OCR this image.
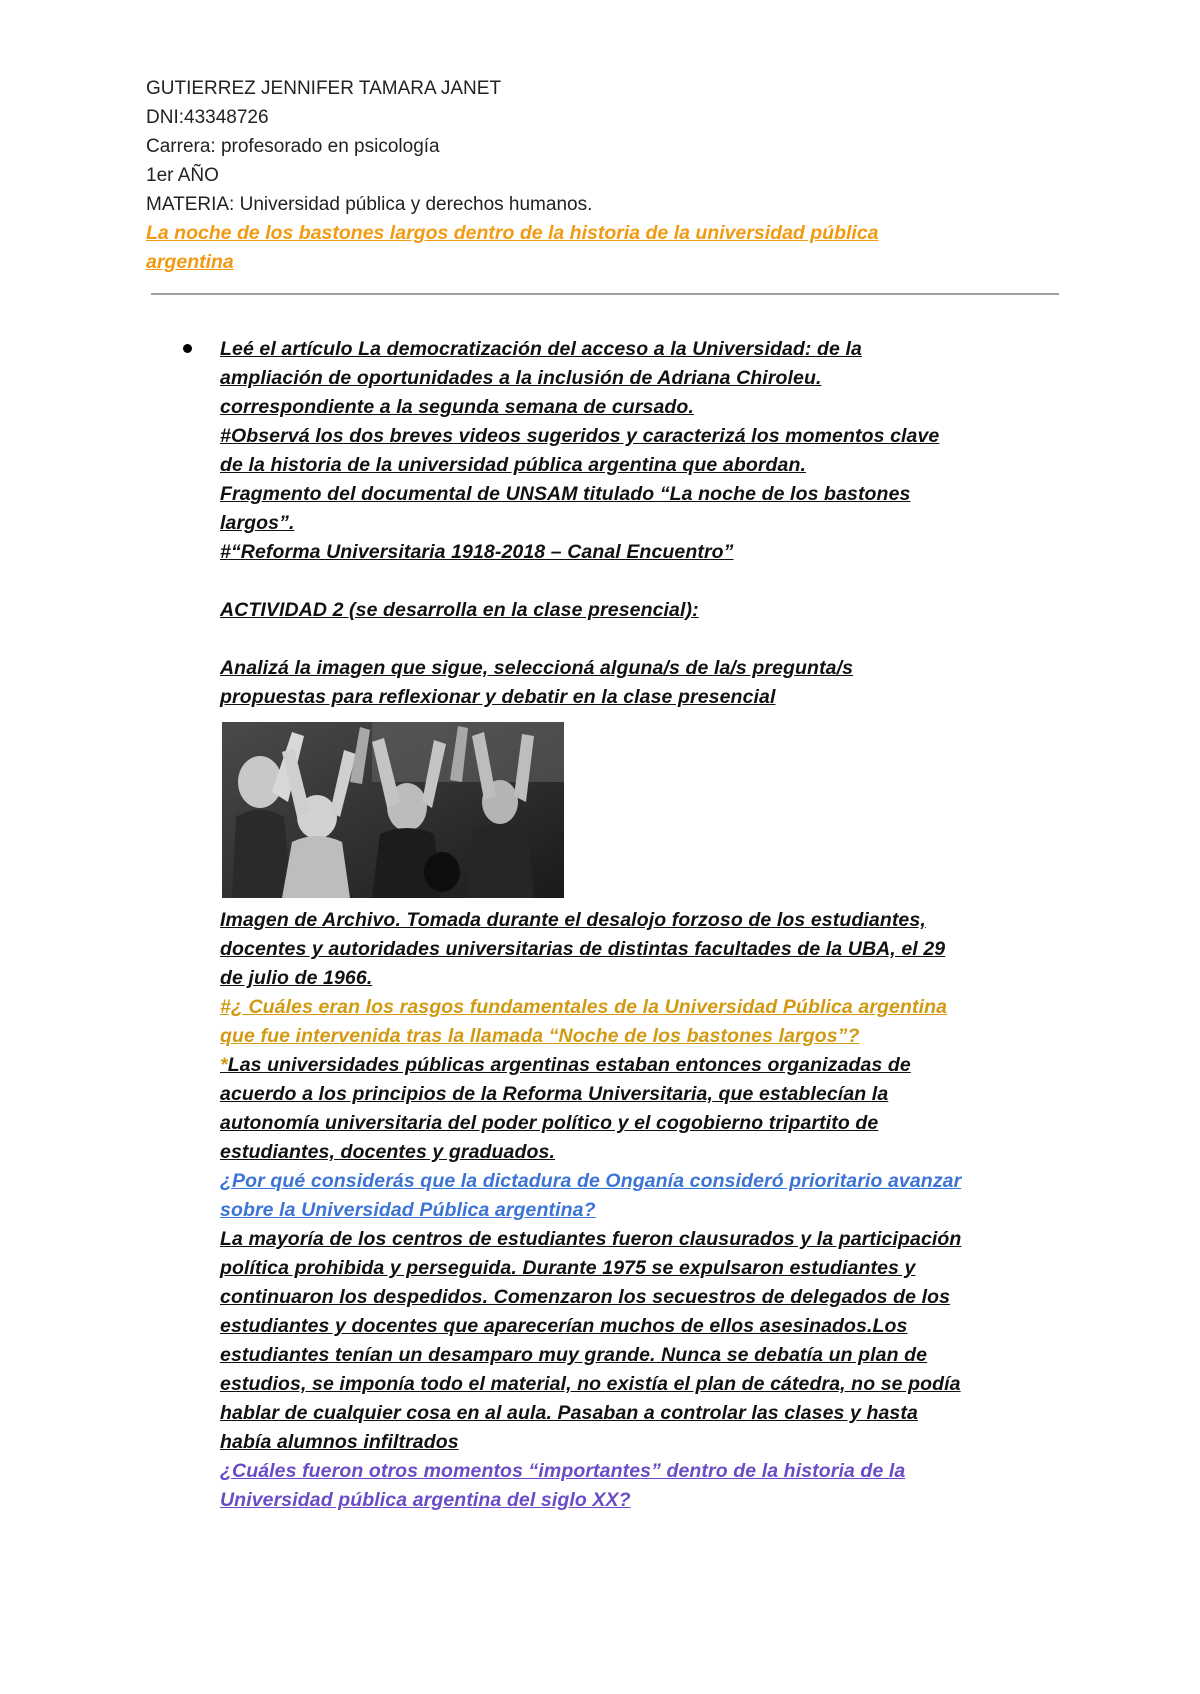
GUTIERREZ JENNIFER TAMARA JANET

DNI:43348726

Carrera: profesorado en psicología

1er AÑO

MATERIA: Universidad pública y derechos humanos.

La noche de los bastones largos dentro de la historia de la universidad pública

argentina

Leé el artículo La democratización del acceso a la Universidad: de la

ampliación de oportunidades a la inclusión de Adriana Chiroleu.

correspondiente a la segunda semana de cursado.

#Observá los dos breves videos sugeridos y caracterizá los momentos clave

de la historia de la universidad pública argentina que abordan.

Fragmento del documental de UNSAM titulado “La noche de los bastones

largos”.

#“Reforma Universitaria 1918-2018 – Canal Encuentro”

ACTIVIDAD 2 (se desarrolla en la clase presencial):

Analizá la imagen que sigue, seleccioná alguna/s de la/s pregunta/s

propuestas para reflexionar y debatir en la clase presencial

Imagen de Archivo. Tomada durante el desalojo forzoso de los estudiantes,

docentes y autoridades universitarias de distintas facultades de la UBA, el 29

de julio de 1966.

#¿ Cuáles eran los rasgos fundamentales de la Universidad Pública argentina

que fue intervenida tras la llamada “Noche de los bastones largos”?

*Las universidades públicas argentinas estaban entonces organizadas de

acuerdo a los principios de la Reforma Universitaria, que establecían la

autonomía universitaria del poder político y el cogobierno tripartito de

estudiantes, docentes y graduados.

¿Por qué considerás que la dictadura de Onganía consideró prioritario avanzar

sobre la Universidad Pública argentina?

La mayoría de los centros de estudiantes fueron clausurados y la participación

política prohibida y perseguida. Durante 1975 se expulsaron estudiantes y

continuaron los despedidos. Comenzaron los secuestros de delegados de los

estudiantes y docentes que aparecerían muchos de ellos asesinados.Los

estudiantes tenían un desamparo muy grande. Nunca se debatía un plan de

estudios, se imponía todo el material, no existía el plan de cátedra, no se podía

hablar de cualquier cosa en al aula. Pasaban a controlar las clases y hasta

había alumnos infiltrados

¿Cuáles fueron otros momentos “importantes” dentro de la historia de la

Universidad pública argentina del siglo XX?
